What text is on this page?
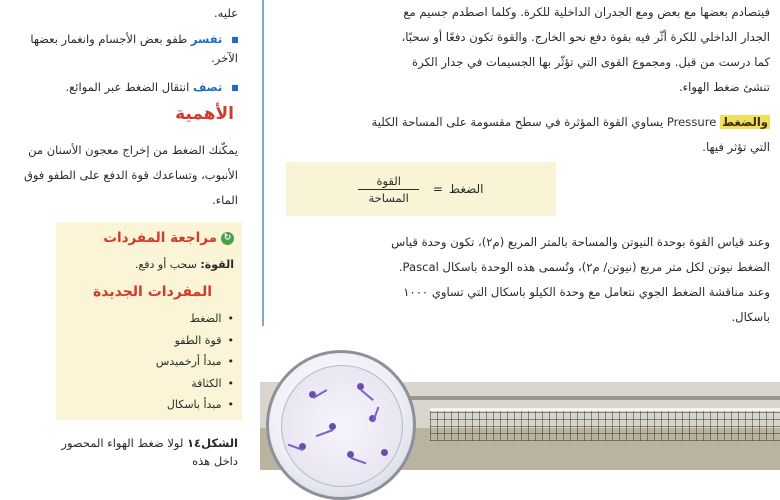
فيتصادم بعضها مع بعض ومع الجدران الداخلية للكرة. وكلما اصطدم جسيم مع

الجدار الداخلي للكرة أثّر فيه بقوة دفع نحو الخارج. والقوة تكون دفعًا أو سحبًا،

كما درست من قبل. ومجموع القوى التي تؤثّر بها الجسيمات في جدار الكرة

تنشئ ضغط الهواء.

والضغط Pressure يساوي القوة المؤثرة في سطح مقسومة على المساحة الكلية

التي تؤثر فيها.

الضغط
=
$\frac{\text{القوة}}{\text{المساحة}}$

وعند قياس القوة بوحدة النيوتن والمساحة بالمتر المربع (م٢)، تكون وحدة قياس

الضغط نيوتن لكل متر مربع (نيوتن/ م٢)، وتُسمى هذه الوحدة باسكال Pascal.

وعند مناقشة الضغط الجوي نتعامل مع وحدة الكيلو باسكال التي تساوي ١٠٠٠

باسكال.

عليه.
تفسر طفو بعض الأجسام وانغمار بعضها الآخر.
تصف انتقال الضغط عبر الموائع.
الأهمية
يمكّنك الضغط من إخراج معجون الأسنان من الأنبوب، وتساعدك قوة الدفع على الطفو فوق الماء.
↻
مراجعة المفردات
القوة: سحب أو دفع.
المفردات الجديدة
• الضغط
• قوة الطفو
• مبدأ أرخميدس
• الكثافة
• مبدأ باسكال
الشكل١٤ لولا ضغط الهواء المحصور داخل هذه
